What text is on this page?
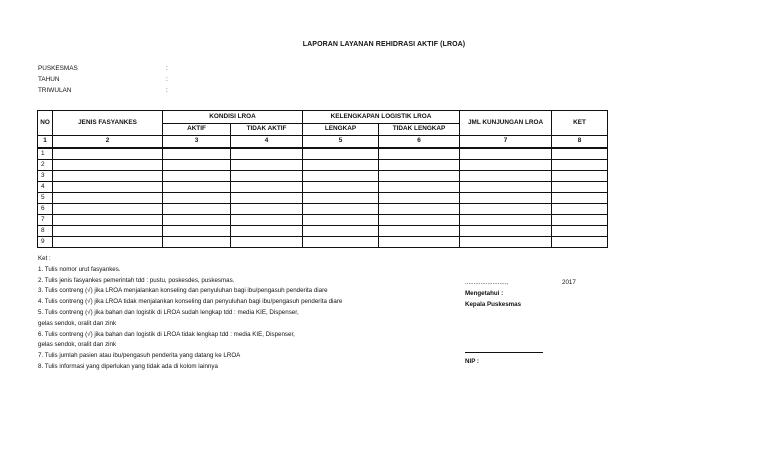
LAPORAN LAYANAN REHIDRASI AKTIF (LROA)
PUSKESMAS	:
TAHUN	:
TRIWULAN	:
NO	JENIS FASYANKES	KONDISI LROA		KELENGKAPAN LOGISTIK LROA		JML KUNJUNGAN LROA	KET
		AKTIF	TIDAK AKTIF	LENGKAP	TIDAK LENGKAP		
1	2	3	4	5	6	7	8
1							
2							
3							
4							
5							
6							
7							
8							
9							
Ket :
1. Tulis nomor urut fasyankes.
2. Tulis jenis fasyankes pemerintah tdd : pustu, poskesdes, puskesmas.
3. Tulis contreng (√) jika LROA menjalankan konseling dan penyuluhan bagi ibu/pengasuh penderita diare
4. Tulis contreng (√) jika LROA tidak menjalankan konseling dan penyuluhan bagi ibu/pengasuh penderita diare
5. Tulis contreng (√) jika bahan dan logistik di LROA sudah lengkap tdd : media KIE, Dispenser,
gelas sendok, oralit dan zink
6. Tulis contreng (√) jika bahan dan logistik di LROA tidak lengkap tdd : media KIE, Dispenser,
gelas sendok, oralit dan zink
7. Tulis jumlah pasien atau ibu/pengasuh penderita yang datang ke LROA
8. Tulis informasi yang diperlukan yang tidak ada di kolom lainnya
........................,	2017
Mengetahui :
Kepala Puskesmas
NIP :
